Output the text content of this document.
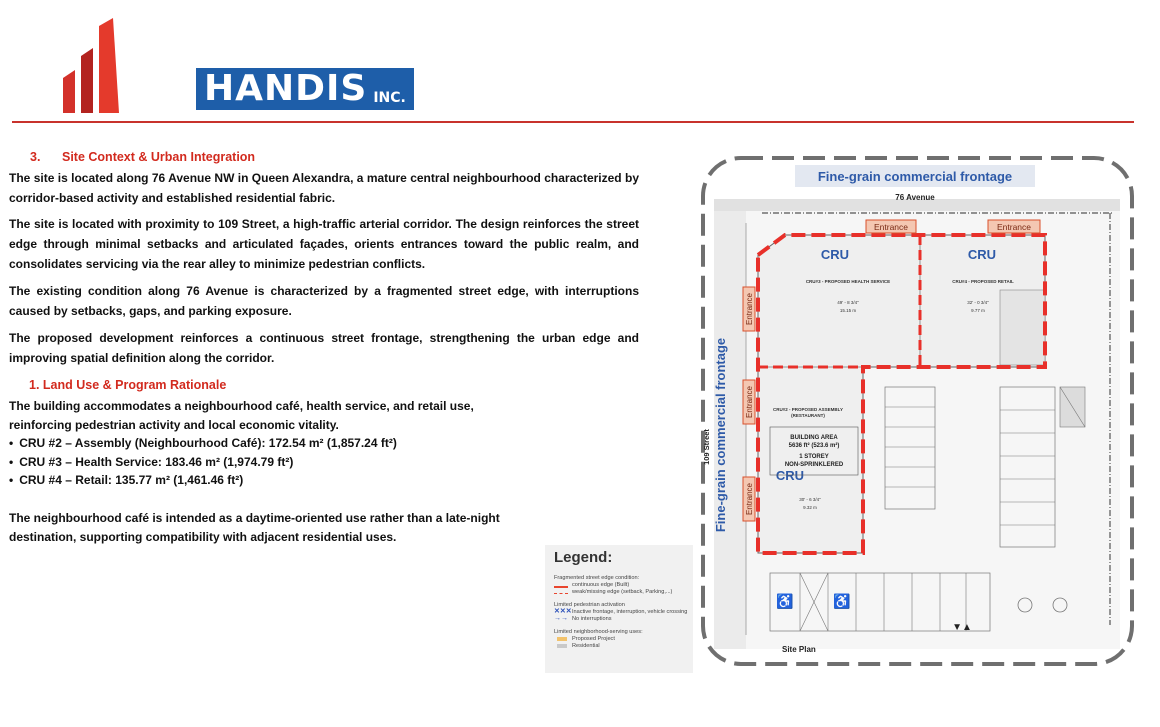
HANDIS INC.
3. Site Context & Urban Integration
The site is located along 76 Avenue NW in Queen Alexandra, a mature central neighbourhood characterized by corridor-based activity and established residential fabric.
The site is located with proximity to 109 Street, a high-traffic arterial corridor. The design reinforces the street edge through minimal setbacks and articulated façades, orients entrances toward the public realm, and consolidates servicing via the rear alley to minimize pedestrian conflicts.
The existing condition along 76 Avenue is characterized by a fragmented street edge, with interruptions caused by setbacks, gaps, and parking exposure.
The proposed development reinforces a continuous street frontage, strengthening the urban edge and improving spatial definition along the corridor.
1. Land Use & Program Rationale
The building accommodates a neighbourhood café, health service, and retail use,
reinforcing pedestrian activity and local economic vitality.
• CRU #2 – Assembly (Neighbourhood Café): 172.54 m² (1,857.24 ft²)
• CRU #3 – Health Service: 183.46 m² (1,974.79 ft²)
• CRU #4 – Retail: 135.77 m² (1,461.46 ft²)
The neighbourhood café is intended as a daytime-oriented use rather than a late-night
destination, supporting compatibility with adjacent residential uses.
Legend:
Fragmented street edge condition:
continuous edge (Built)
weak/missing edge (setback, Parking,...)
Limited pedestrian activation
✕✕✕ Inactive frontage, interruption, vehicle crossing
→→ No interruptions
Limited neighborhood-serving uses:
Proposed Project
Residential
Entrance	Entrance
Entrance
Entrance
Entrance
Fine-grain commercial frontage
76 Avenue
Fine-grain commercial frontage
109 Street
CRU	CRU
CRU
CRU#3 - PROPOSED HEALTH SERVICE	CRU#4 - PROPOSED RETAIL
CRU#2 - PROPOSED ASSEMBLY
(RESTAURANT)
BUILDING AREA
5636 ft² (523.6 m²)
1 STOREY
NON-SPRINKLERED
49' - 8 3/4"
15.15 m
32' - 0 3/4"
9.77 m
30' - 6 3/4"
9.32 m
♿	♿
▼▲
Site Plan
